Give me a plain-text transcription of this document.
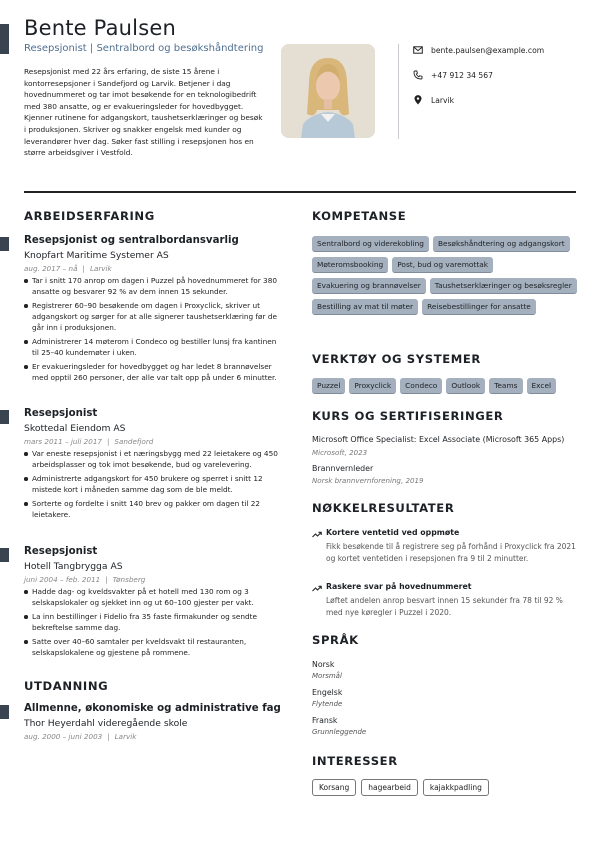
Bente Paulsen
Resepsjonist | Sentralbord og besøkshåndtering
Resepsjonist med 22 års erfaring, de siste 15 årene i kontorresepsjoner i Sandefjord og Larvik. Betjener i dag hovednummeret og tar imot besøkende for en teknologibedrift med 380 ansatte, og er evakueringsleder for hovedbygget. Kjenner rutinene for adgangskort, taushetserklæringer og besøk i produksjonen. Skriver og snakker engelsk med kunder og leverandører hver dag. Søker fast stilling i resepsjonen hos en større arbeidsgiver i Vestfold.
bente.paulsen@example.com
+47 912 34 567
Larvik
ARBEIDSERFARING
Resepsjonist og sentralbordansvarlig
Knopfart Maritime Systemer AS
aug. 2017 – nå | Larvik
Tar i snitt 170 anrop om dagen i Puzzel på hovednummeret for 380 ansatte og besvarer 92 % av dem innen 15 sekunder.
Registrerer 60–90 besøkende om dagen i Proxyclick, skriver ut adgangskort og sørger for at alle signerer taushetserklæring før de går inn i produksjonen.
Administrerer 14 møterom i Condeco og bestiller lunsj fra kantinen til 25–40 kundemøter i uken.
Er evakueringsleder for hovedbygget og har ledet 8 brannøvelser med opptil 260 personer, der alle var talt opp på under 6 minutter.
Resepsjonist
Skottedal Eiendom AS
mars 2011 – juli 2017 | Sandefjord
Var eneste resepsjonist i et næringsbygg med 22 leietakere og 450 arbeidsplasser og tok imot besøkende, bud og varelevering.
Administrerte adgangskort for 450 brukere og sperret i snitt 12 mistede kort i måneden samme dag som de ble meldt.
Sorterte og fordelte i snitt 140 brev og pakker om dagen til 22 leietakere.
Resepsjonist
Hotell Tangbrygga AS
juni 2004 – feb. 2011 | Tønsberg
Hadde dag- og kveldsvakter på et hotell med 130 rom og 3 selskapslokaler og sjekket inn og ut 60–100 gjester per vakt.
La inn bestillinger i Fidelio fra 35 faste firmakunder og sendte bekreftelse samme dag.
Satte over 40–60 samtaler per kveldsvakt til restauranten, selskapslokalene og gjestene på rommene.
UTDANNING
Allmenne, økonomiske og administrative fag
Thor Heyerdahl videregående skole
aug. 2000 – juni 2003 | Larvik
KOMPETANSE
Sentralbord og viderekobling	Besøkshåndtering og adgangskort
Møteromsbooking	Post, bud og varemottak
Evakuering og brannøvelser	Taushetserklæringer og besøksregler
Bestilling av mat til møter	Reisebestillinger for ansatte
VERKTØY OG SYSTEMER
Puzzel	Proxyclick	Condeco	Outlook	Teams	Excel
KURS OG SERTIFISERINGER
Microsoft Office Specialist: Excel Associate (Microsoft 365 Apps)
Microsoft, 2023
Brannvernleder
Norsk brannvernforening, 2019
NØKKELRESULTATER
Kortere ventetid ved oppmøte
Fikk besøkende til å registrere seg på forhånd i Proxyclick fra 2021 og kortet ventetiden i resepsjonen fra 9 til 2 minutter.
Raskere svar på hovednummeret
Løftet andelen anrop besvart innen 15 sekunder fra 78 til 92 % med nye køregler i Puzzel i 2020.
SPRÅK
Norsk
Morsmål
Engelsk
Flytende
Fransk
Grunnleggende
INTERESSER
Korsang	hagearbeid	kajakkpadling
